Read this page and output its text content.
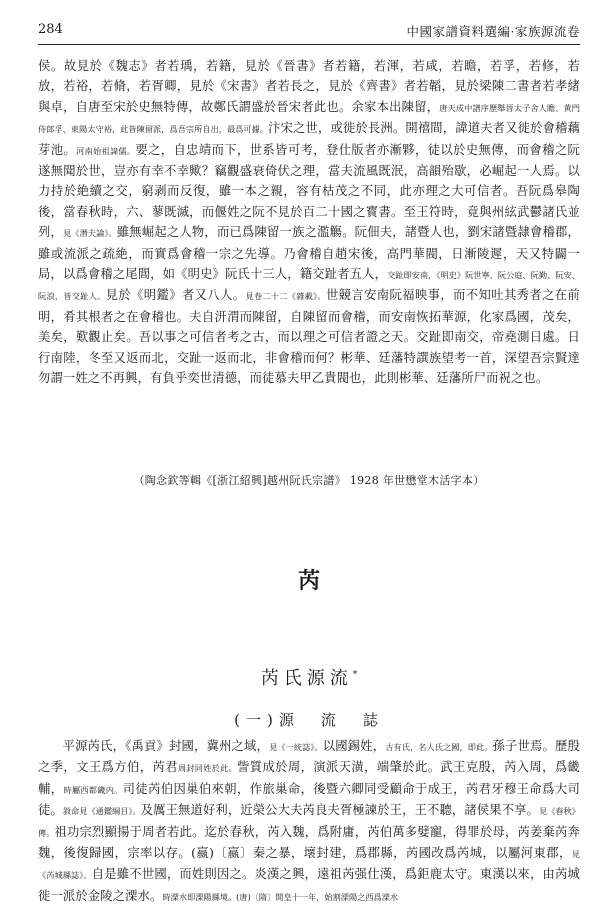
284	中國家譜資料選編·家族源流卷

侯。故見於《魏志》者若瑀，若籍，見於《晉書》者若籍，若渾，若咸，若瞻，若孚，若修，若放，若裕，若脩，若胥卿，見於《宋書》者若長之，見於《齊書》者若韜，見於梁陳二書者若孝緒與卓，自唐至宋於史無特傳，故鄭氏謂盛於晉宋者此也。余家本出陳留，唐天成中譜序歷舉晉太子舍人瞻、黄門侍郎孚、東陽太守裕，此皆陳留派，爲吾宗所自出，最爲可據。汴宋之世，或徙於長洲。開禧間，諱道夫者又徙於會稽藕芽池。河南始祖諱儒。要之，自忠靖而下，世系皆可考，登仕版者亦漸夥，徒以於史無傳，而會稽之阮遂無聞於世，豈亦有幸不幸歟？竊觀盛衰倚伏之理，當夫流風既泯，高韻殆歇，必崛起一人焉。以力持於絶續之交，窮剥而反復，雖一本之親，容有枯茂之不同，此亦理之大可信者。吾阮爲皋陶後，當春秋時，六、蓼既滅，而偃姓之阮不見於百二十國之寳書。至王符時，竟與州絃武鬱諸氏並列，見《潛夫論》。雖無崛起之人物，而已爲陳留一族之濫觴。阮佃夫，諸暨人也，劉宋諸暨隷會稽郡，雖或流派之疏絶，而實爲會稽一宗之先導。乃會稽自趙宋後，高門華閥，日漸陵遲，天又特闢一局，以爲會稽之尾閭，如《明史》阮氏十三人，籍交趾者五人，交趾即安南，《明史》阮世寧、阮公庭、阮勤、阮安、阮浪，皆交趾人。見於《明鑑》者又八人。見卷二十二《雜載》。世競言安南阮福映事，而不知吐其秀者之在前明，肴其根者之在會稽也。夫自汧渭而陳留，自陳留而會稽，而安南恢拓華源，化家爲國，茂矣，美矣，歎觀止矣。吾以事之可信者考之古，而以理之可信者證之天。交趾即南交，帝堯測日處。日行南陸，冬至又返而北，交趾一返而北，非會稽而何？彬華、廷藩特譔族望考一首，深望吾宗賢達勿謂一姓之不再興，有負乎奕世清德，而徒慕夫甲乙貴閥也，此則彬華、廷藩所尸而祝之也。

（陶念欽等輯《[浙江紹興]越州阮氏宗譜》 1928 年世懋堂木活字本）
芮
芮氏源流*
(一)源　流　誌

平源芮氏，《禹貢》封國，冀州之域，見《一統誌》。以國錫姓，古有氏，名人氏之國，即此。孫子世焉。歷殷之季，文王爲方伯，芮君周封同姓於此。訾質成於周，演派天潢，端肇於此。武王克殷，芮入周，爲畿輔，時屬西都畿内。司徒芮伯因巢伯來朝，作旅巢命，後暨六卿同受顧命于成王，芮君牙穆王命爲大司徒。敘命見《通鑑綱目》。及厲王無道好利，近榮公大夫芮良夫胥極諫於王，王不聽，諸侯果不享。見《春秋》傳。祖功宗烈顯揚于周者若此。迄於春秋，芮入魏，爲附庸，芮伯萬多嬖寵，得罪於母，芮姜棄芮奔魏，後復歸國，宗率以存。(嬴)〔嬴〕秦之暴，壞封建，爲郡縣，芮國改爲芮城，以屬河東郡，見《芮城縣誌》。自是雖不世國，而姓則因之。炎漢之興，遠祖芮强仕漢，爲鉅鹿太守。東漢以來，由芮城徙一派於金陵之溧水。時溧水即溧陽縣境。(唐)〔隋〕開皇十一年，始割溧陽之西爲溧水
